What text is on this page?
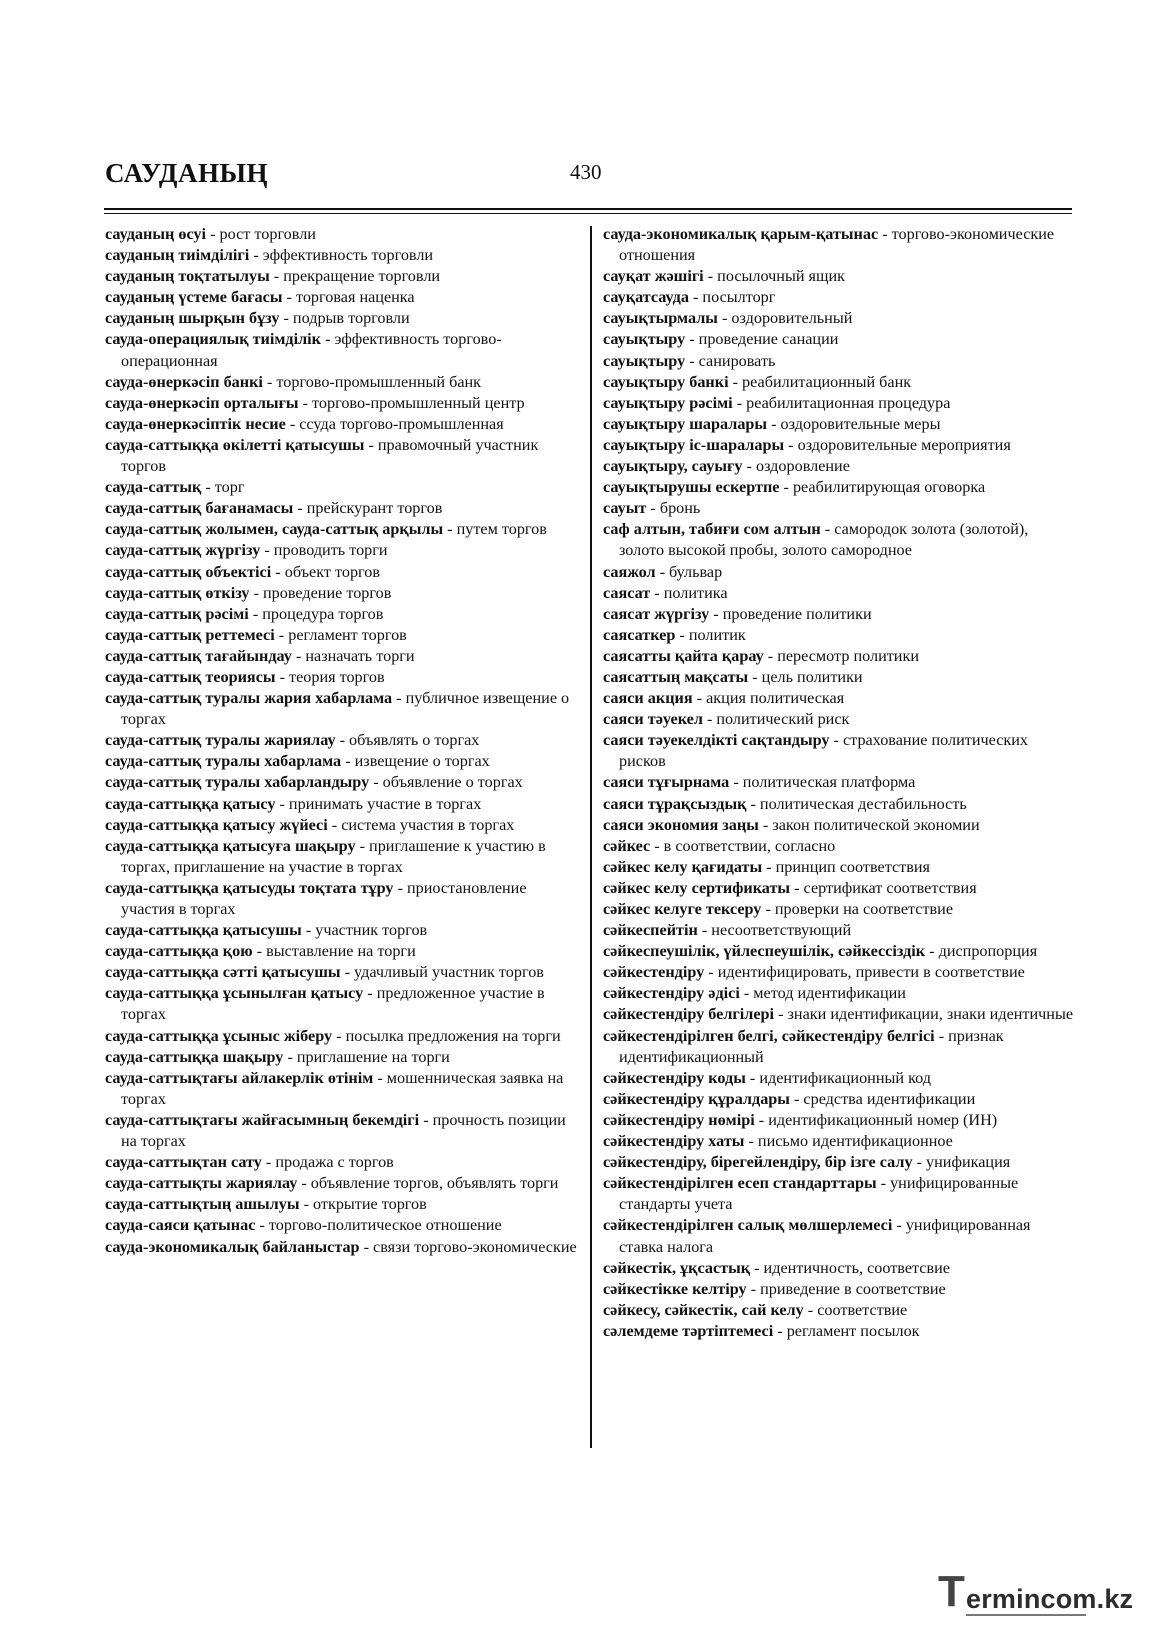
САУДАНЫҢ	430
сауданың өсуі - рост торговли
сауданың тиімділігі - эффективность торговли
сауданың тоқтатылуы - прекращение торговли
сауданың үстеме бағасы - торговая наценка
сауданың шырқын бұзу - подрыв торговли
сауда-операциялық тиімділік - эффективность торгово-операционная
сауда-өнеркәсіп банкі - торгово-промышленный банк
сауда-өнеркәсіп орталығы - торгово-промышленный центр
сауда-өнеркәсіптік несие - ссуда торгово-промышленная
сауда-саттыққа өкілетті қатысушы - правомочный участник торгов
сауда-саттық - торг
сауда-саттық бағанамасы - прейскурант торгов
сауда-саттық жолымен, сауда-саттық арқылы - путем торгов
сауда-саттық жүргізу - проводить торги
сауда-саттық объектісі - объект торгов
сауда-саттық өткізу - проведение торгов
сауда-саттық рәсімі - процедура торгов
сауда-саттық реттемесі - регламент торгов
сауда-саттық тағайындау - назначать торги
сауда-саттық теориясы - теория торгов
сауда-саттық туралы жария хабарлама - публичное извещение о торгах
сауда-саттық туралы жариялау - объявлять о торгах
сауда-саттық туралы хабарлама - извещение о торгах
сауда-саттық туралы хабарландыру - объявление о торгах
сауда-саттыққа қатысу - принимать участие в торгах
сауда-саттыққа қатысу жүйесі - система участия в торгах
сауда-саттыққа қатысуға шақыру - приглашение к участию в торгах, приглашение на участие в торгах
сауда-саттыққа қатысуды тоқтата тұру - приостановление участия в торгах
сауда-саттыққа қатысушы - участник торгов
сауда-саттыққа қою - выставление на торги
сауда-саттыққа сәтті қатысушы - удачливый участник торгов
сауда-саттыққа ұсынылған қатысу - предложенное участие в торгах
сауда-саттыққа ұсыныс жіберу - посылка предложения на торги
сауда-саттыққа шақыру - приглашение на торги
сауда-саттықтағы айлакерлік өтінім - мошенническая заявка на торгах
сауда-саттықтағы жайғасымның бекемдігі - прочность позиции на торгах
сауда-саттықтан сату - продажа с торгов
сауда-саттықты жариялау - объявление торгов, объявлять торги
сауда-саттықтың ашылуы - открытие торгов
сауда-саяси қатынас - торгово-политическое отношение
сауда-экономикалық байланыстар - связи торгово-экономические
сауда-экономикалық қарым-қатынас - торгово-экономические отношения
сауқат жәшігі - посылочный ящик
сауқатсауда - посылторг
сауықтырмалы - оздоровительный
сауықтыру - проведение санации
сауықтыру - санировать
сауықтыру банкі - реабилитационный банк
сауықтыру рәсімі - реабилитационная процедура
сауықтыру шаралары - оздоровительные меры
сауықтыру іс-шаралары - оздоровительные мероприятия
сауықтыру, сауығу - оздоровление
сауықтырушы ескертпе - реабилитирующая оговорка
сауыт - бронь
саф алтын, табиғи сом алтын - самородок золота (золотой), золото высокой пробы, золото самородное
саяжол - бульвар
саясат - политика
саясат жүргізу - проведение политики
саясаткер - политик
саясатты қайта қарау - пересмотр политики
саясаттың мақсаты - цель политики
саяси акция - акция политическая
саяси тәуекел - политический риск
саяси тәуекелдікті сақтандыру - страхование политических рисков
саяси тұғырнама - политическая платформа
саяси тұрақсыздық - политическая дестабильность
саяси экономия заңы - закон политической экономии
сәйкес - в соответствии, согласно
сәйкес келу қағидаты - принцип соответствия
сәйкес келу сертификаты - сертификат соответствия
сәйкес келуге тексеру - проверки на соответствие
сәйкеспейтін - несоответствующий
сәйкеспеушілік, үйлеспеушілік, сәйкессіздік - диспропорция
сәйкестендіру - идентифицировать, привести в соответствие
сәйкестендіру әдісі - метод идентификации
сәйкестендіру белгілері - знаки идентификации, знаки идентичные
сәйкестендірілген белгі, сәйкестендіру белгісі - признак идентификационный
сәйкестендіру коды - идентификационный код
сәйкестендіру құралдары - средства идентификации
сәйкестендіру нөмірі - идентификационный номер (ИН)
сәйкестендіру хаты - письмо идентификационное
сәйкестендіру, бірегейлендіру, бір ізге салу - унификация
сәйкестендірілген есеп стандарттары - унифицированные стандарты учета
сәйкестендірілген салық мөлшерлемесі - унифицированная ставка налога
сәйкестік, ұқсастық - идентичность, соответсвие
сәйкестікке келтіру - приведение в соответствие
сәйкесу, сәйкестік, сай келу - соответствие
сәлемдеме тәртіптемесі - регламент посылок
T ermincom.kz
